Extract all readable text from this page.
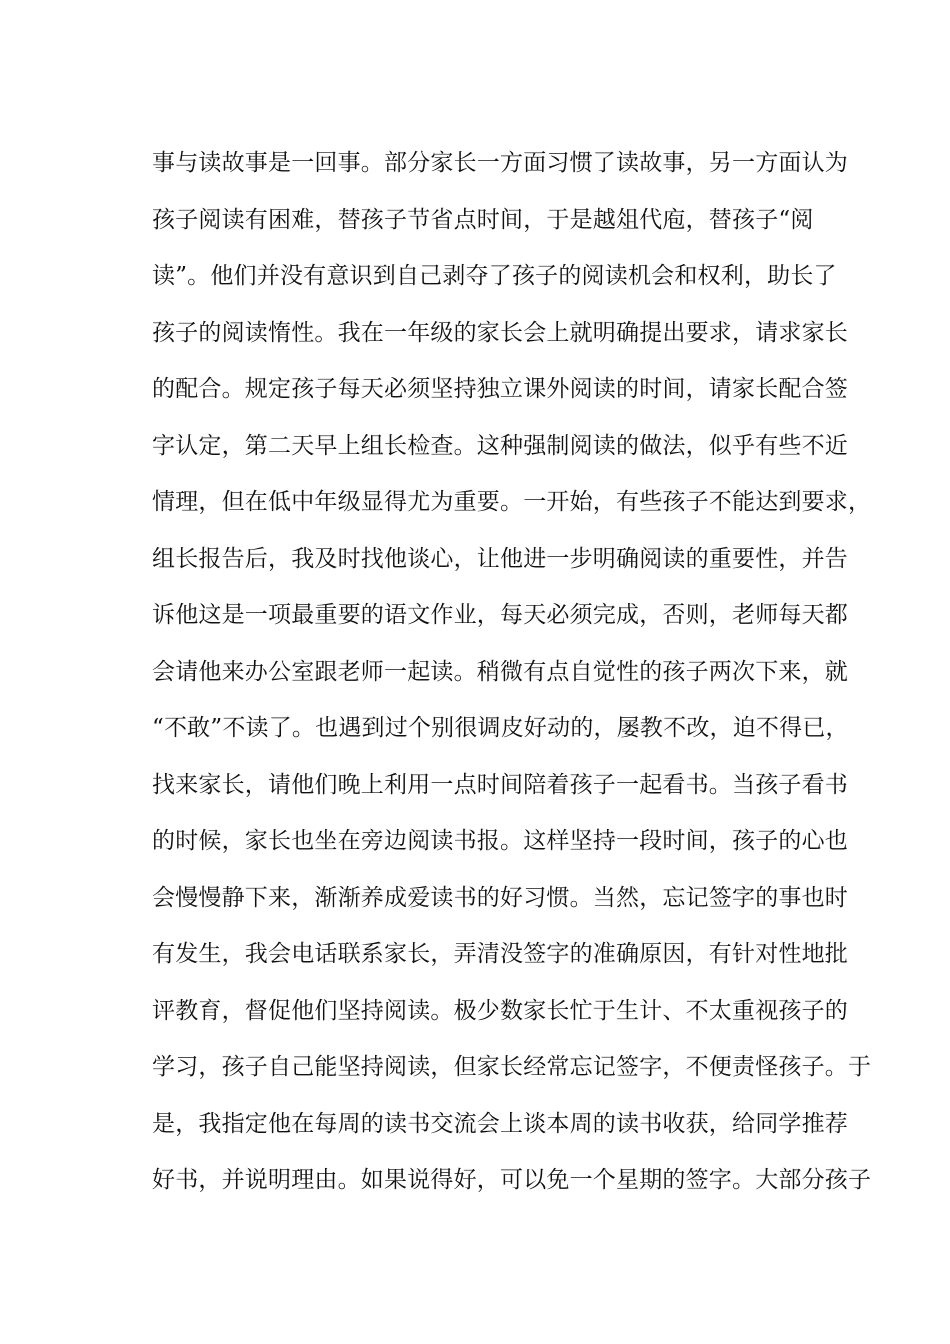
事与读故事是一回事。部分家长一方面习惯了读故事，另一方面认为
孩子阅读有困难，替孩子节省点时间，于是越俎代庖，替孩子“阅
读”。他们并没有意识到自己剥夺了孩子的阅读机会和权利，助长了
孩子的阅读惰性。我在一年级的家长会上就明确提出要求，请求家长
的配合。规定孩子每天必须坚持独立课外阅读的时间，请家长配合签
字认定，第二天早上组长检查。这种强制阅读的做法，似乎有些不近
情理，但在低中年级显得尤为重要。一开始，有些孩子不能达到要求，
组长报告后，我及时找他谈心，让他进一步明确阅读的重要性，并告
诉他这是一项最重要的语文作业，每天必须完成，否则，老师每天都
会请他来办公室跟老师一起读。稍微有点自觉性的孩子两次下来，就
“不敢”不读了。也遇到过个别很调皮好动的，屡教不改，迫不得已，
找来家长，请他们晚上利用一点时间陪着孩子一起看书。当孩子看书
的时候，家长也坐在旁边阅读书报。这样坚持一段时间，孩子的心也
会慢慢静下来，渐渐养成爱读书的好习惯。当然，忘记签字的事也时
有发生，我会电话联系家长，弄清没签字的准确原因，有针对性地批
评教育，督促他们坚持阅读。极少数家长忙于生计、不太重视孩子的
学习，孩子自己能坚持阅读，但家长经常忘记签字，不便责怪孩子。于
是，我指定他在每周的读书交流会上谈本周的读书收获，给同学推荐
好书，并说明理由。如果说得好，可以免一个星期的签字。大部分孩子
